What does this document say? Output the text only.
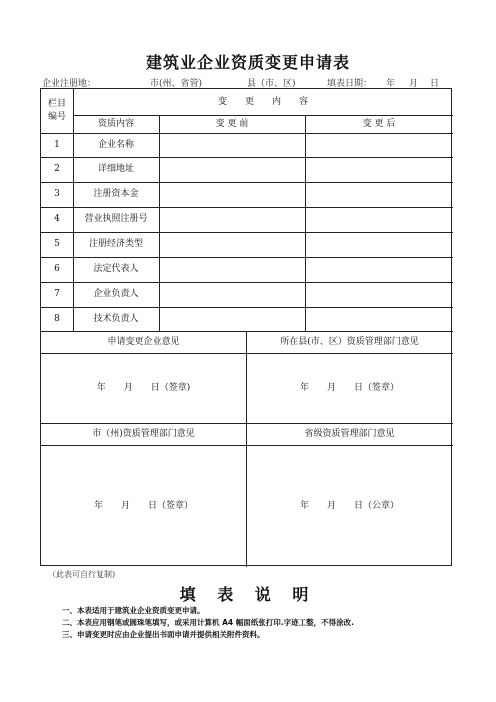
建筑业企业资质变更申请表
企业注册地：	市(州、省管)	县（市、区)	填表日期： 年 月 日
栏目
编号
变　　更　　内　　容
资质内容	变 更 前	变 更 后
1	企业名称
2	详细地址
3	注册资本金
4	营业执照注册号
5	注册经济类型
6	法定代表人
7	企业负责人
8	技术负责人
申请变更企业意见	所在县(市、区）资质管理部门意见
年　　月　　日（签章)	年　　月　　日（签章）
市（州)资质管理部门意见	省级资质管理部门意见
年　　月　　日（签章）	年　　月　　日（公章）
（此表可自行复制)
填 表 说 明
一、本表适用于建筑业企业资质变更申请。
二、本表应用钢笔或圆珠笔填写，或采用计算机 A4 幅面纸张打印.字迹工整，不得涂改.
三、申请变更时应由企业提出书面申请并提供相关附件资料。
